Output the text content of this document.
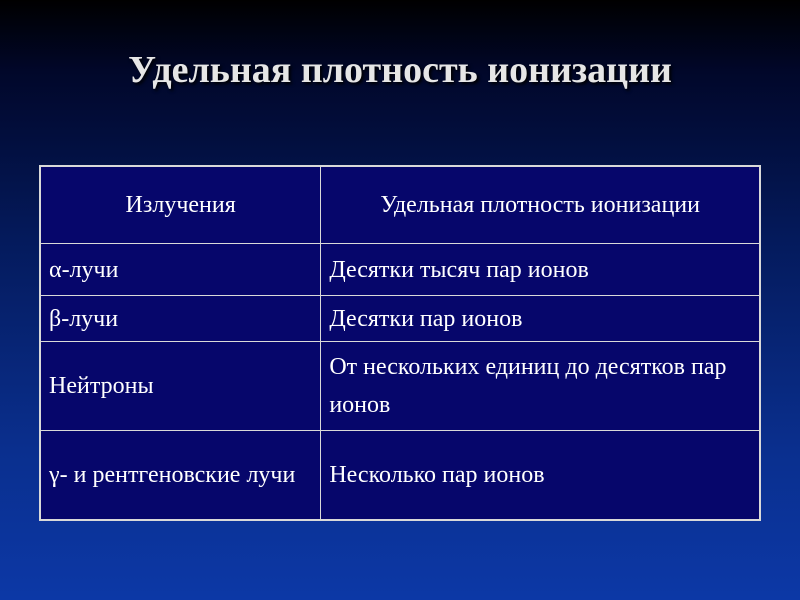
Удельная плотность ионизации
Излучения	Удельная плотность ионизации
α-лучи	Десятки тысяч пар ионов
β-лучи	Десятки пар ионов
Нейтроны	От нескольких единиц до десятков пар ионов
γ- и рентгеновские лучи	Несколько пар ионов
